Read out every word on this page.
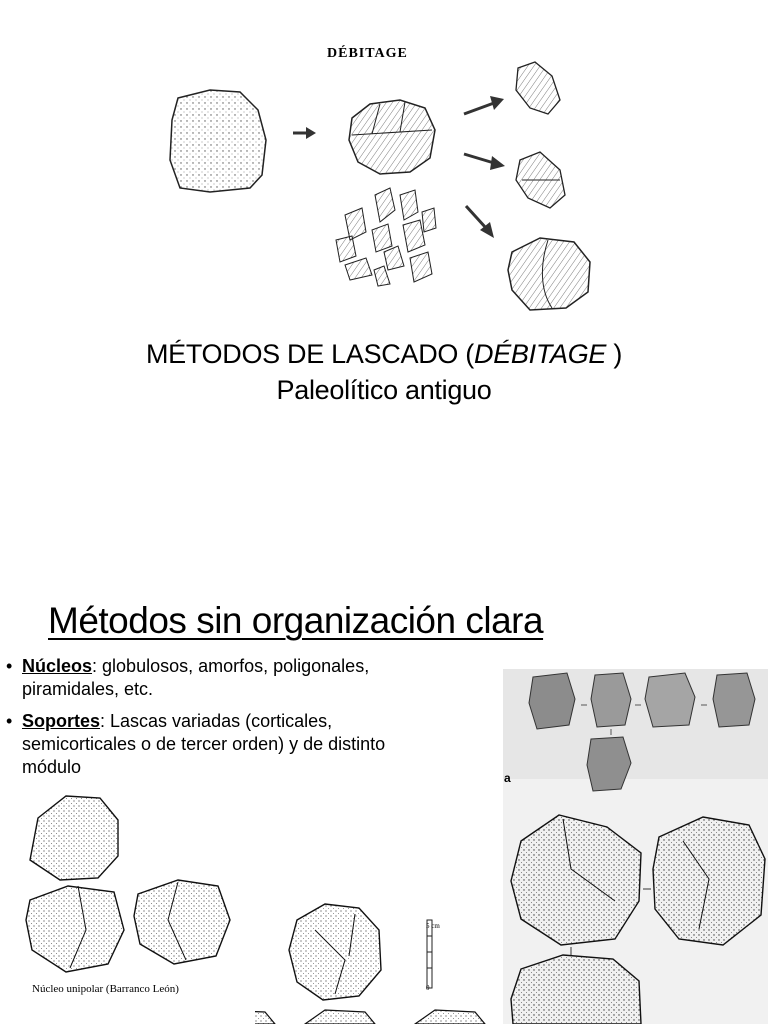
DÉBITAGE
MÉTODOS DE LASCADO (DÉBITAGE )
Paleolítico antiguo
Métodos sin organización clara
• Núcleos: globulosos, amorfos, poligonales, piramidales, etc.
• Soportes: Lascas variadas (corticales, semicorticales o de tercer orden) y de distinto módulo
Núcleo unipolar (Barranco León)
5 cm
0
a
